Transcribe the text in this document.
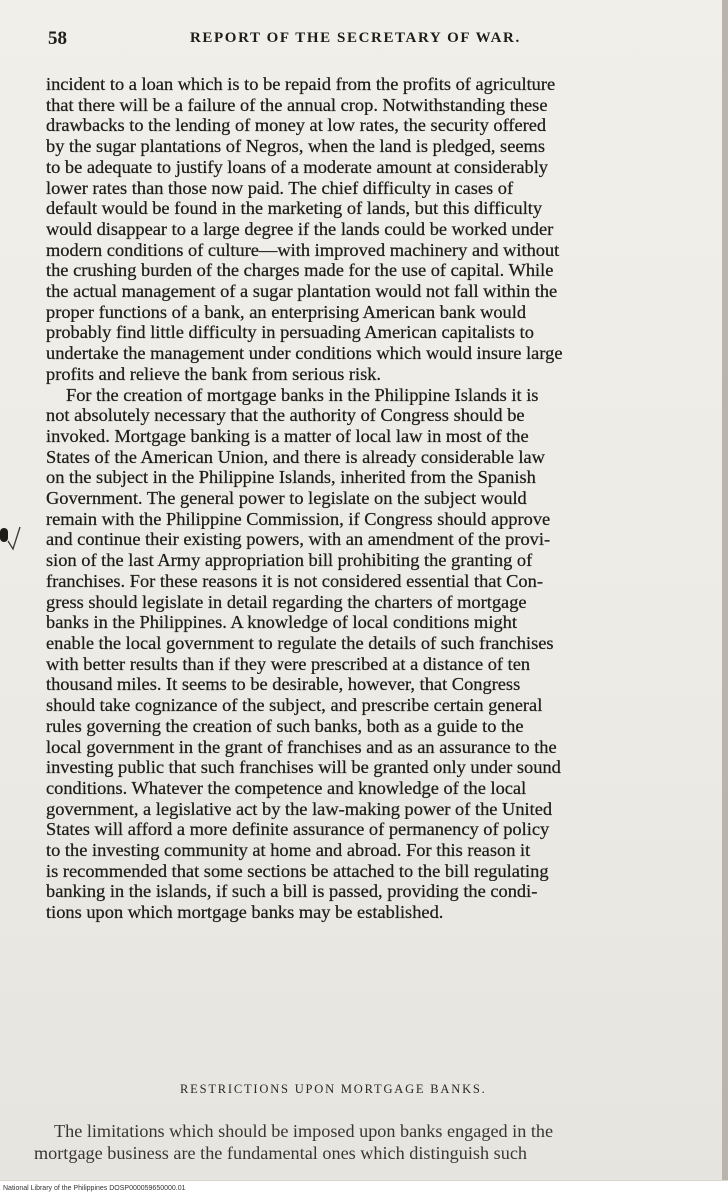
58	REPORT OF THE SECRETARY OF WAR.
incident to a loan which is to be repaid from the profits of agriculture
that there will be a failure of the annual crop. Notwithstanding these
drawbacks to the lending of money at low rates, the security offered
by the sugar plantations of Negros, when the land is pledged, seems
to be adequate to justify loans of a moderate amount at considerably
lower rates than those now paid. The chief difficulty in cases of
default would be found in the marketing of lands, but this difficulty
would disappear to a large degree if the lands could be worked under
modern conditions of culture—with improved machinery and without
the crushing burden of the charges made for the use of capital. While
the actual management of a sugar plantation would not fall within the
proper functions of a bank, an enterprising American bank would
probably find little difficulty in persuading American capitalists to
undertake the management under conditions which would insure large
profits and relieve the bank from serious risk.
For the creation of mortgage banks in the Philippine Islands it is
not absolutely necessary that the authority of Congress should be
invoked. Mortgage banking is a matter of local law in most of the
States of the American Union, and there is already considerable law
on the subject in the Philippine Islands, inherited from the Spanish
Government. The general power to legislate on the subject would
remain with the Philippine Commission, if Congress should approve
and continue their existing powers, with an amendment of the provi-
sion of the last Army appropriation bill prohibiting the granting of
franchises. For these reasons it is not considered essential that Con-
gress should legislate in detail regarding the charters of mortgage
banks in the Philippines. A knowledge of local conditions might
enable the local government to regulate the details of such franchises
with better results than if they were prescribed at a distance of ten
thousand miles. It seems to be desirable, however, that Congress
should take cognizance of the subject, and prescribe certain general
rules governing the creation of such banks, both as a guide to the
local government in the grant of franchises and as an assurance to the
investing public that such franchises will be granted only under sound
conditions. Whatever the competence and knowledge of the local
government, a legislative act by the law-making power of the United
States will afford a more definite assurance of permanency of policy
to the investing community at home and abroad. For this reason it
is recommended that some sections be attached to the bill regulating
banking in the islands, if such a bill is passed, providing the condi-
tions upon which mortgage banks may be established.
RESTRICTIONS UPON MORTGAGE BANKS.
The limitations which should be imposed upon banks engaged in the
mortgage business are the fundamental ones which distinguish such
National Library of the Philippines DOSP000059650000.01
